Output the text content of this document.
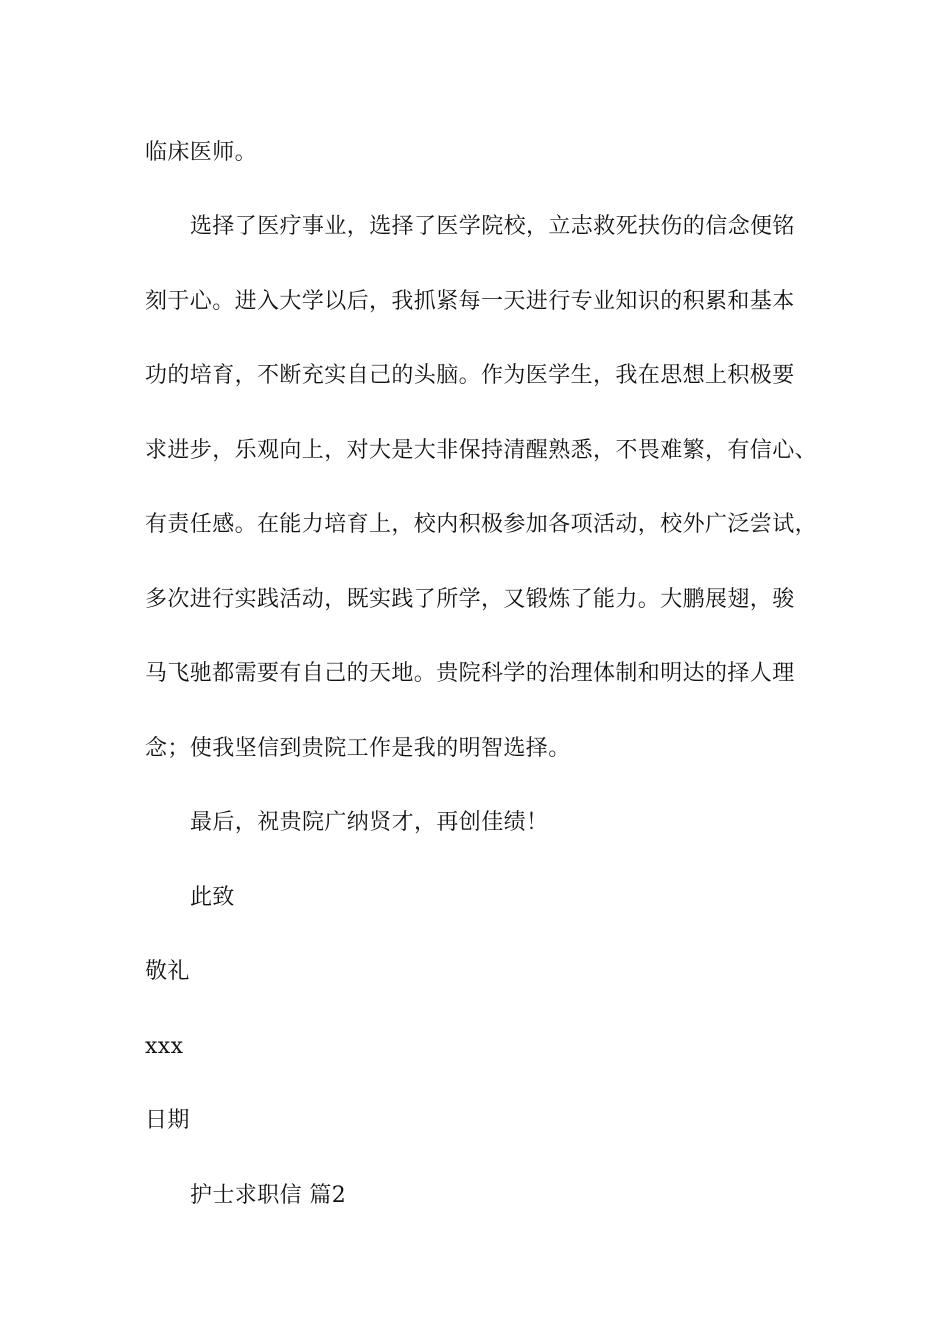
临床医师。
选择了医疗事业，选择了医学院校，立志救死扶伤的信念便铭
刻于心。进入大学以后，我抓紧每一天进行专业知识的积累和基本
功的培育，不断充实自己的头脑。作为医学生，我在思想上积极要
求进步，乐观向上，对大是大非保持清醒熟悉，不畏难繁，有信心、
有责任感。在能力培育上，校内积极参加各项活动，校外广泛尝试，
多次进行实践活动，既实践了所学，又锻炼了能力。大鹏展翅，骏
马飞驰都需要有自己的天地。贵院科学的治理体制和明达的择人理
念；使我坚信到贵院工作是我的明智选择。
最后，祝贵院广纳贤才，再创佳绩！
此致
敬礼
xxx
日期
护士求职信 篇2
